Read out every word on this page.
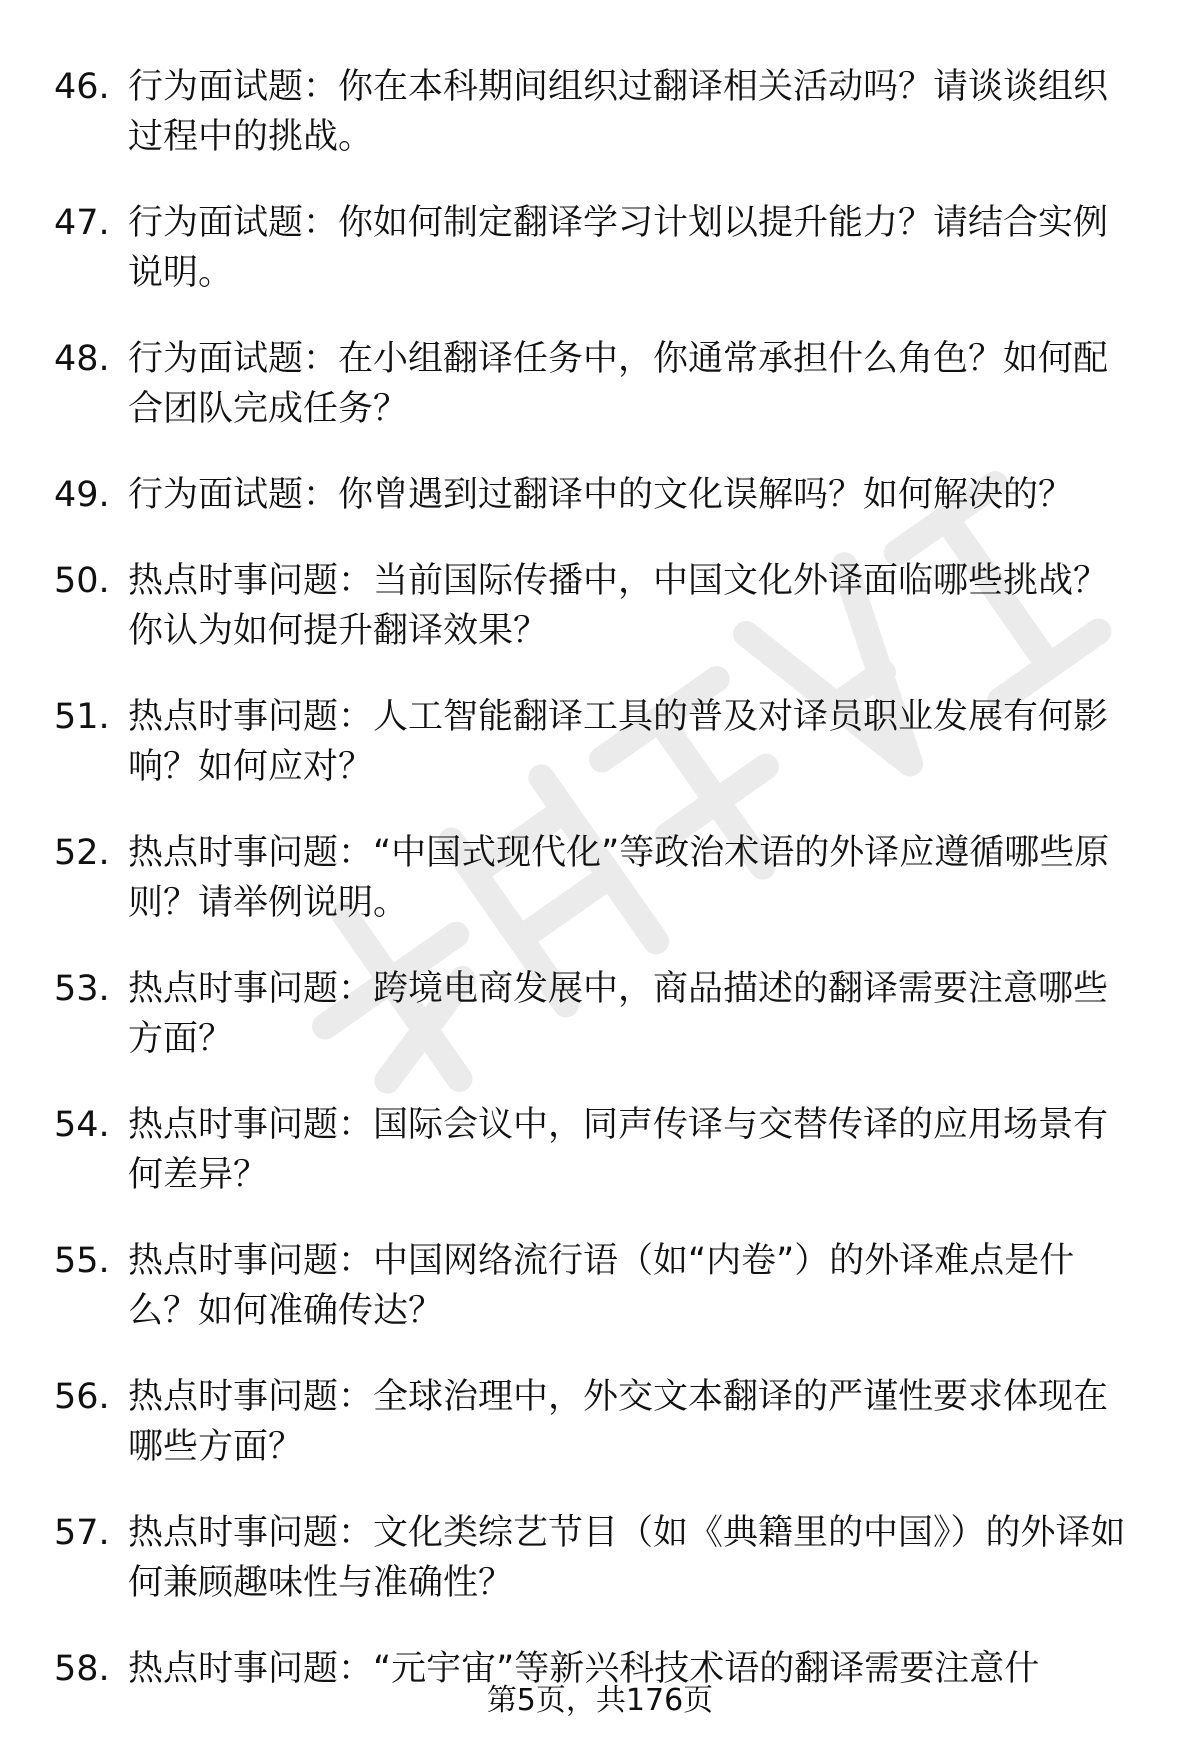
46. 行为面试题：你在本科期间组织过翻译相关活动吗？请谈谈组织过程中的挑战。
47. 行为面试题：你如何制定翻译学习计划以提升能力？请结合实例说明。
48. 行为面试题：在小组翻译任务中，你通常承担什么角色？如何配合团队完成任务？
49. 行为面试题：你曾遇到过翻译中的文化误解吗？如何解决的？
50. 热点时事问题：当前国际传播中，中国文化外译面临哪些挑战？你认为如何提升翻译效果？
51. 热点时事问题：人工智能翻译工具的普及对译员职业发展有何影响？如何应对？
52. 热点时事问题：“中国式现代化”等政治术语的外译应遵循哪些原则？请举例说明。
53. 热点时事问题：跨境电商发展中，商品描述的翻译需要注意哪些方面？
54. 热点时事问题：国际会议中，同声传译与交替传译的应用场景有何差异？
55. 热点时事问题：中国网络流行语（如“内卷”）的外译难点是什么？如何准确传达？
56. 热点时事问题：全球治理中，外交文本翻译的严谨性要求体现在哪些方面？
57. 热点时事问题：文化类综艺节目（如《典籍里的中国》）的外译如何兼顾趣味性与准确性？
58. 热点时事问题：“元宇宙”等新兴科技术语的翻译需要注意什
第5页，共176页
